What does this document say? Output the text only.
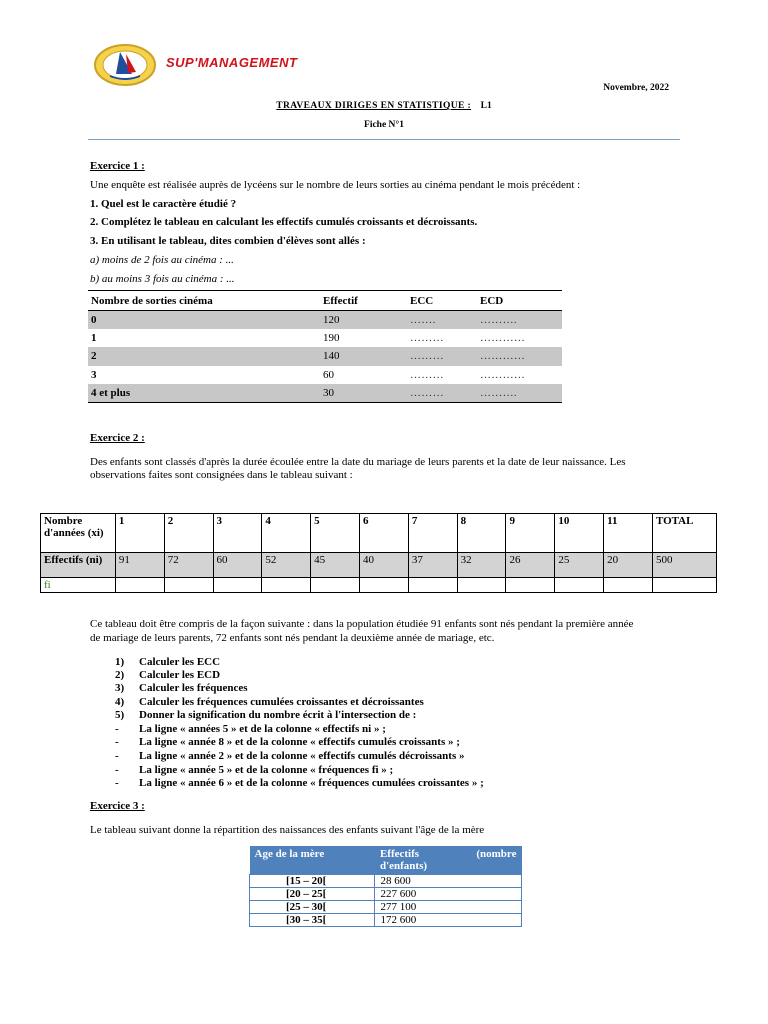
SUP'MANAGEMENT
Novembre, 2022
TRAVEAUX DIRIGES EN STATISTIQUE : L1
Fiche N°1
Exercice 1 :
Une enquête est réalisée auprès de lycéens sur le nombre de leurs sorties au cinéma pendant le mois précédent :
1. Quel est le caractère étudié ?
2. Complétez le tableau en calculant les effectifs cumulés croissants et décroissants.
3. En utilisant le tableau, dites combien d'élèves sont allés :
a) moins de 2 fois au cinéma : ...
b) au moins 3 fois au cinéma : ...
Nombre de sorties cinéma	Effectif	ECC	ECD
0	120	…….	……….
1	190	………	…………
2	140	………	…………
3	60	………	…………
4 et plus	30	………	……….
Exercice 2 :
Des enfants sont classés d'après la durée écoulée entre la date du mariage de leurs parents et la date de leur naissance. Les
observations faites sont consignées dans le tableau suivant :
Nombre d'années (xi)	1	2	3	4	5	6	7	8	9	10	11	TOTAL
Effectifs (ni)	91	72	60	52	45	40	37	32	26	25	20	500
fi												
Ce tableau doit être compris de la façon suivante : dans la population étudiée 91 enfants sont nés pendant la première année
de mariage de leurs parents, 72 enfants sont nés pendant la deuxième année de mariage, etc.
1) Calculer les ECC
2) Calculer les ECD
3) Calculer les fréquences
4) Calculer les fréquences cumulées croissantes et décroissantes
5) Donner la signification du nombre écrit à l'intersection de :
- La ligne « années 5 » et de la colonne « effectifs ni » ;
- La ligne « année 8 » et de la colonne « effectifs cumulés croissants » ;
- La ligne « année 2 » et de la colonne « effectifs cumulés décroissants »
- La ligne « année 5 » et de la colonne « fréquences fi » ;
- La ligne « année 6 » et de la colonne « fréquences cumulées croissantes » ;
Exercice 3 :
Le tableau suivant donne la répartition des naissances des enfants suivant l'âge de la mère
Age de la mère	Effectifs (nombre
d'enfants)

[15 – 20[	28 600
[20 – 25[	227 600
[25 – 30[	277 100
[30 – 35[	172 600
